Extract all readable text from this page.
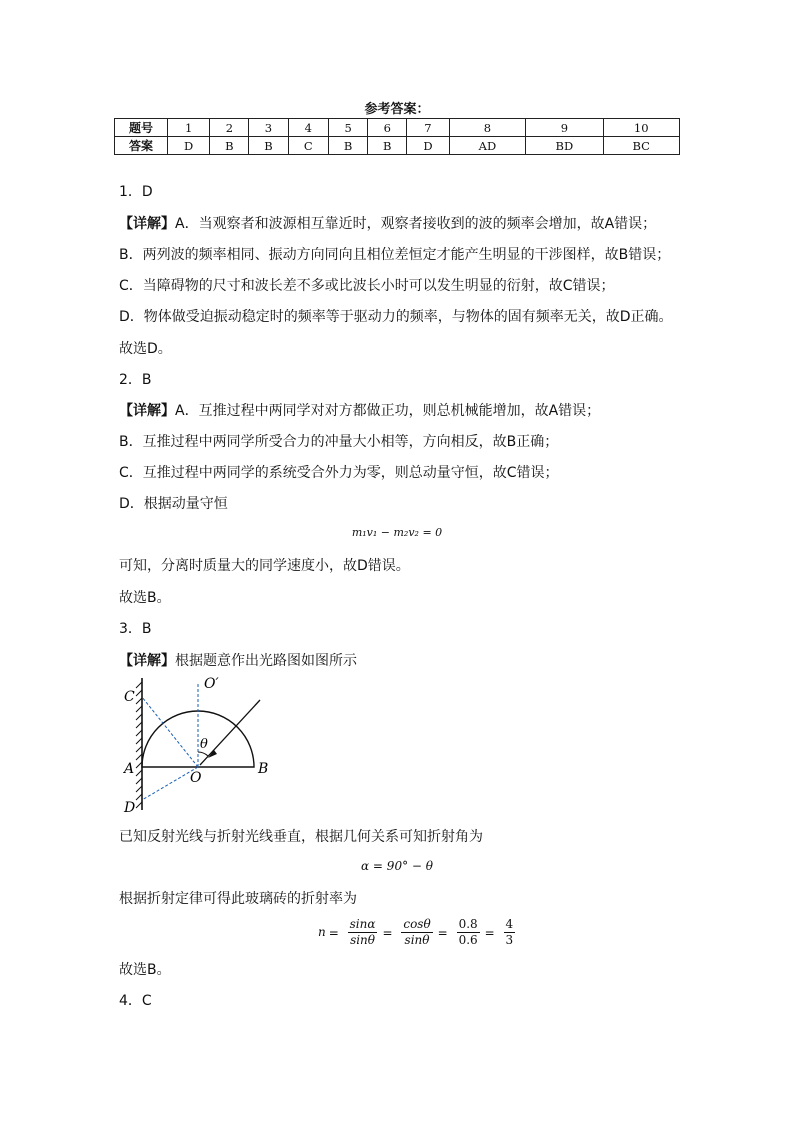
参考答案：
题号	1	2	3	4	5	6	7	8	9	10
答案	D	B	B	C	B	B	D	AD	BD	BC
1．D
【详解】A．当观察者和波源相互靠近时，观察者接收到的波的频率会增加，故A错误；
B．两列波的频率相同、振动方向同向且相位差恒定才能产生明显的干涉图样，故B错误；
C．当障碍物的尺寸和波长差不多或比波长小时可以发生明显的衍射，故C错误；
D．物体做受迫振动稳定时的频率等于驱动力的频率，与物体的固有频率无关，故D正确。
故选D。
2．B
【详解】A．互推过程中两同学对对方都做正功，则总机械能增加，故A错误；
B．互推过程中两同学所受合力的冲量大小相等，方向相反，故B正确；
C．互推过程中两同学的系统受合外力为零，则总动量守恒，故C错误；
D．根据动量守恒
m₁v₁ − m₂v₂ = 0
可知，分离时质量大的同学速度小，故D错误。
故选B。
3．B
【详解】根据题意作出光路图如图所示
C
O′
θ
A
O
B
D
已知反射光线与折射光线垂直，根据几何关系可知折射角为
α = 90° − θ
根据折射定律可得此玻璃砖的折射率为
$n = \frac{\sin\alpha}{\sin\theta} = \frac{\cos\theta}{\sin\theta} = \frac{0.8}{0.6} = \frac{4}{3}$
故选B。
4．C
